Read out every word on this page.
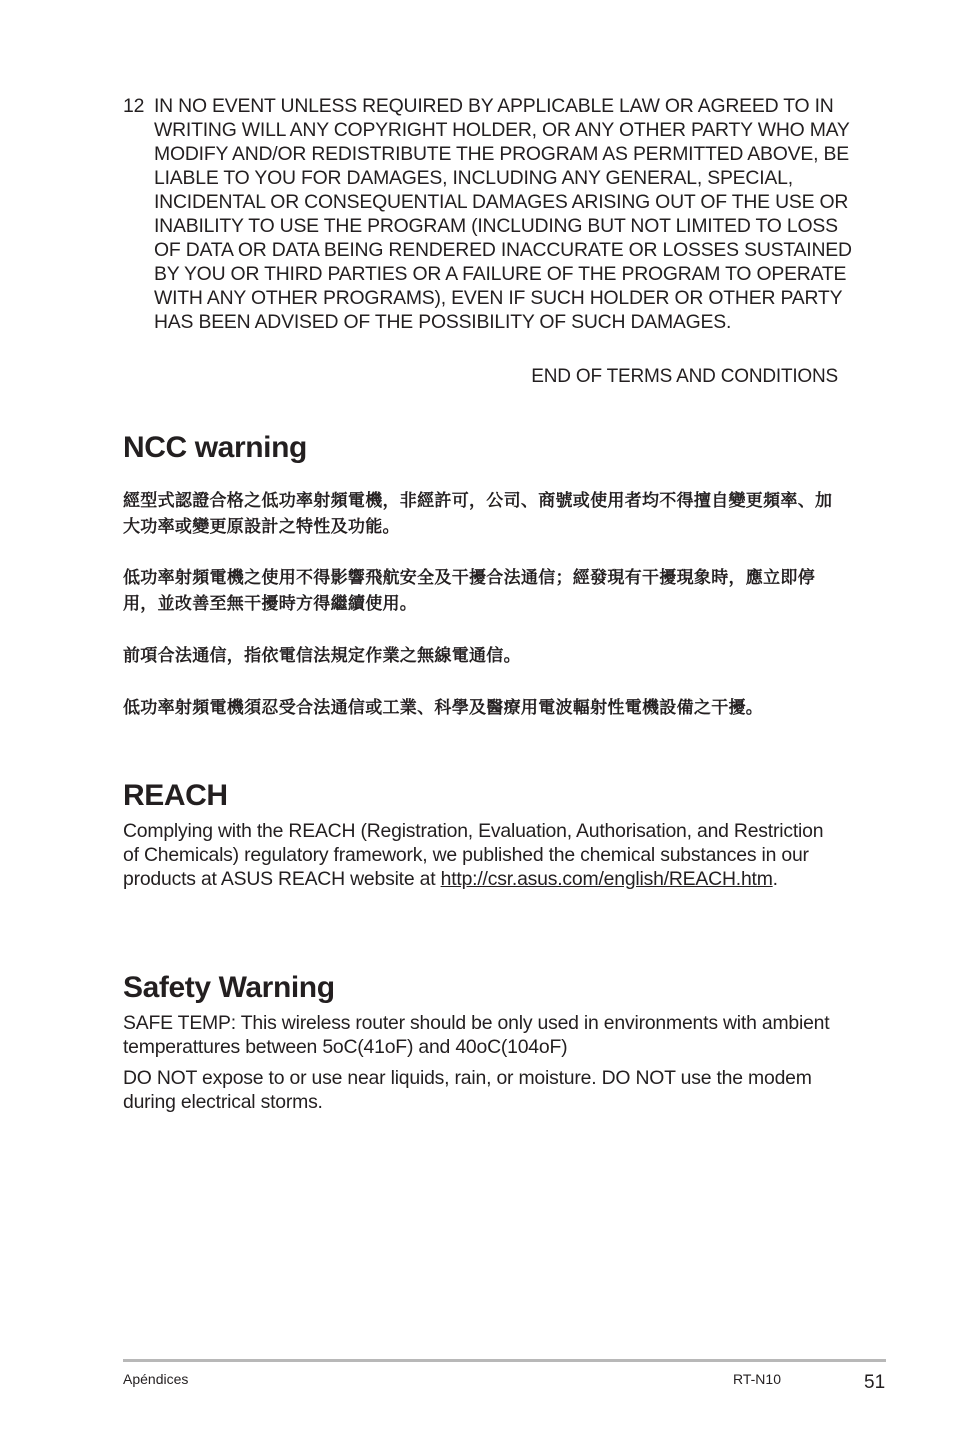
12 IN NO EVENT UNLESS REQUIRED BY APPLICABLE LAW OR AGREED TO IN WRITING WILL ANY COPYRIGHT HOLDER, OR ANY OTHER PARTY WHO MAY MODIFY AND/OR REDISTRIBUTE THE PROGRAM AS PERMITTED ABOVE, BE LIABLE TO YOU FOR DAMAGES, INCLUDING ANY GENERAL, SPECIAL, INCIDENTAL OR CONSEQUENTIAL DAMAGES ARISING OUT OF THE USE OR INABILITY TO USE THE PROGRAM (INCLUDING BUT NOT LIMITED TO LOSS OF DATA OR DATA BEING RENDERED INACCURATE OR LOSSES SUSTAINED BY YOU OR THIRD PARTIES OR A FAILURE OF THE PROGRAM TO OPERATE WITH ANY OTHER PROGRAMS), EVEN IF SUCH HOLDER OR OTHER PARTY HAS BEEN ADVISED OF THE POSSIBILITY OF SUCH DAMAGES.
END OF TERMS AND CONDITIONS
NCC warning
經型式認證合格之低功率射頻電機，非經許可，公司、商號或使用者均不得擅自變更頻率、加大功率或變更原設計之特性及功能。
低功率射頻電機之使用不得影響飛航安全及干擾合法通信；經發現有干擾現象時，應立即停用，並改善至無干擾時方得繼續使用。
前項合法通信，指依電信法規定作業之無線電通信。
低功率射頻電機須忍受合法通信或工業、科學及醫療用電波輻射性電機設備之干擾。
REACH
Complying with the REACH (Registration, Evaluation, Authorisation, and Restriction of Chemicals) regulatory framework, we published the chemical substances in our products at ASUS REACH website at http://csr.asus.com/english/REACH.htm.
Safety Warning
SAFE TEMP: This wireless router should be only used in environments with ambient temperattures between 5oC(41oF) and 40oC(104oF)
DO NOT expose to or use near liquids, rain, or moisture. DO NOT use the modem during electrical storms.
Apéndices	RT-N10	51
